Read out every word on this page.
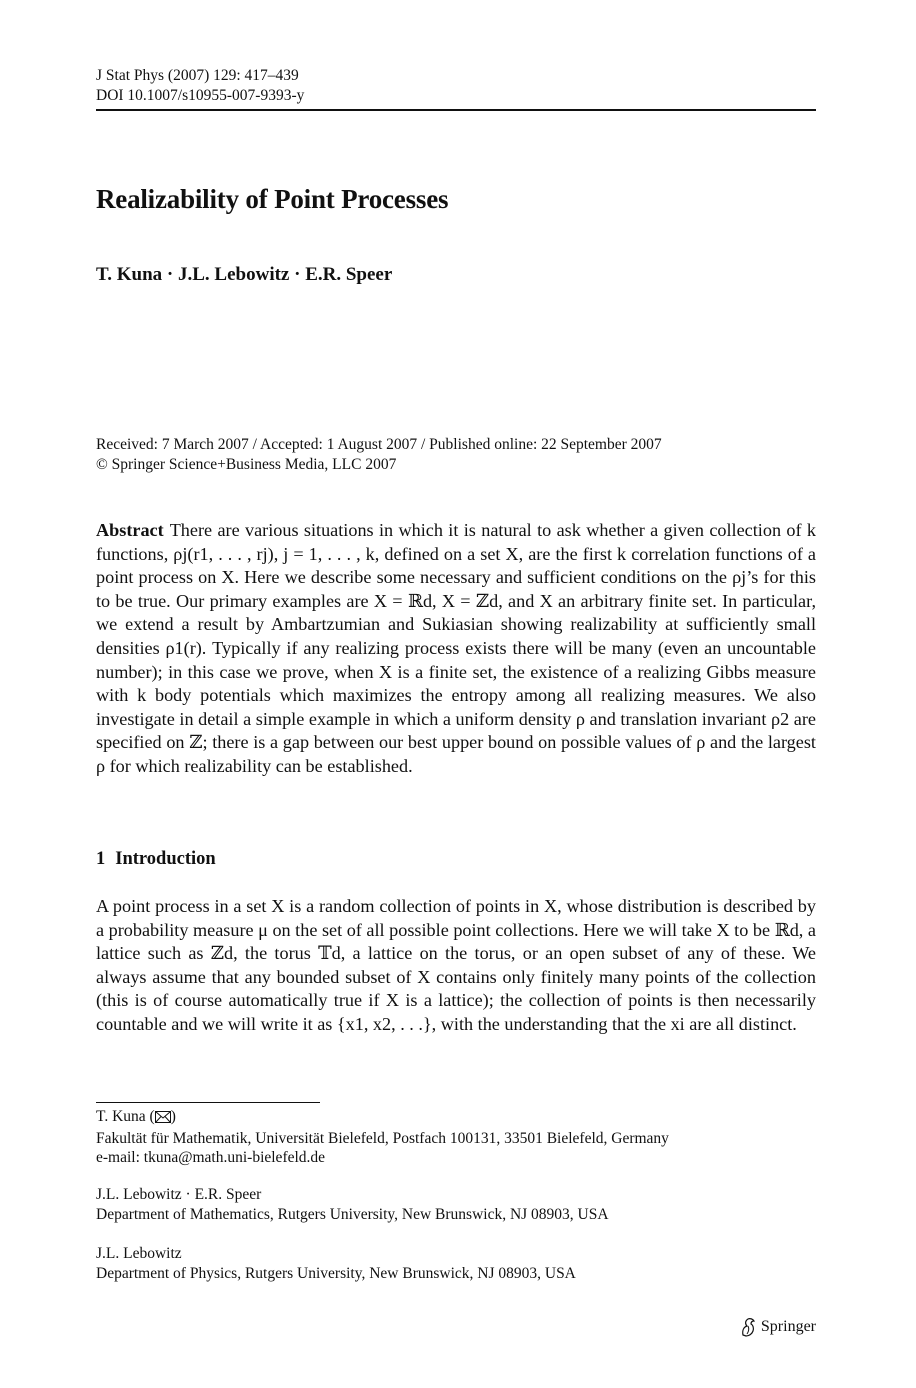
J Stat Phys (2007) 129: 417–439
DOI 10.1007/s10955-007-9393-y
Realizability of Point Processes
T. Kuna · J.L. Lebowitz · E.R. Speer
Received: 7 March 2007 / Accepted: 1 August 2007 / Published online: 22 September 2007
© Springer Science+Business Media, LLC 2007
Abstract There are various situations in which it is natural to ask whether a given collection of k functions, ρj(r1, . . . , rj), j = 1, . . . , k, defined on a set X, are the first k correlation functions of a point process on X. Here we describe some necessary and sufficient conditions on the ρj’s for this to be true. Our primary examples are X = ℝd, X = ℤd, and X an arbitrary finite set. In particular, we extend a result by Ambartzumian and Sukiasian showing realizability at sufficiently small densities ρ1(r). Typically if any realizing process exists there will be many (even an uncountable number); in this case we prove, when X is a finite set, the existence of a realizing Gibbs measure with k body potentials which maximizes the entropy among all realizing measures. We also investigate in detail a simple example in which a uniform density ρ and translation invariant ρ2 are specified on ℤ; there is a gap between our best upper bound on possible values of ρ and the largest ρ for which realizability can be established.
1 Introduction
A point process in a set X is a random collection of points in X, whose distribution is described by a probability measure μ on the set of all possible point collections. Here we will take X to be ℝd, a lattice such as ℤd, the torus 𝕋d, a lattice on the torus, or an open subset of any of these. We always assume that any bounded subset of X contains only finitely many points of the collection (this is of course automatically true if X is a lattice); the collection of points is then necessarily countable and we will write it as {x1, x2, . . .}, with the understanding that the xi are all distinct.
T. Kuna ( )
Fakultät für Mathematik, Universität Bielefeld, Postfach 100131, 33501 Bielefeld, Germany
e-mail: tkuna@math.uni-bielefeld.de
J.L. Lebowitz · E.R. Speer
Department of Mathematics, Rutgers University, New Brunswick, NJ 08903, USA
J.L. Lebowitz
Department of Physics, Rutgers University, New Brunswick, NJ 08903, USA
Springer
